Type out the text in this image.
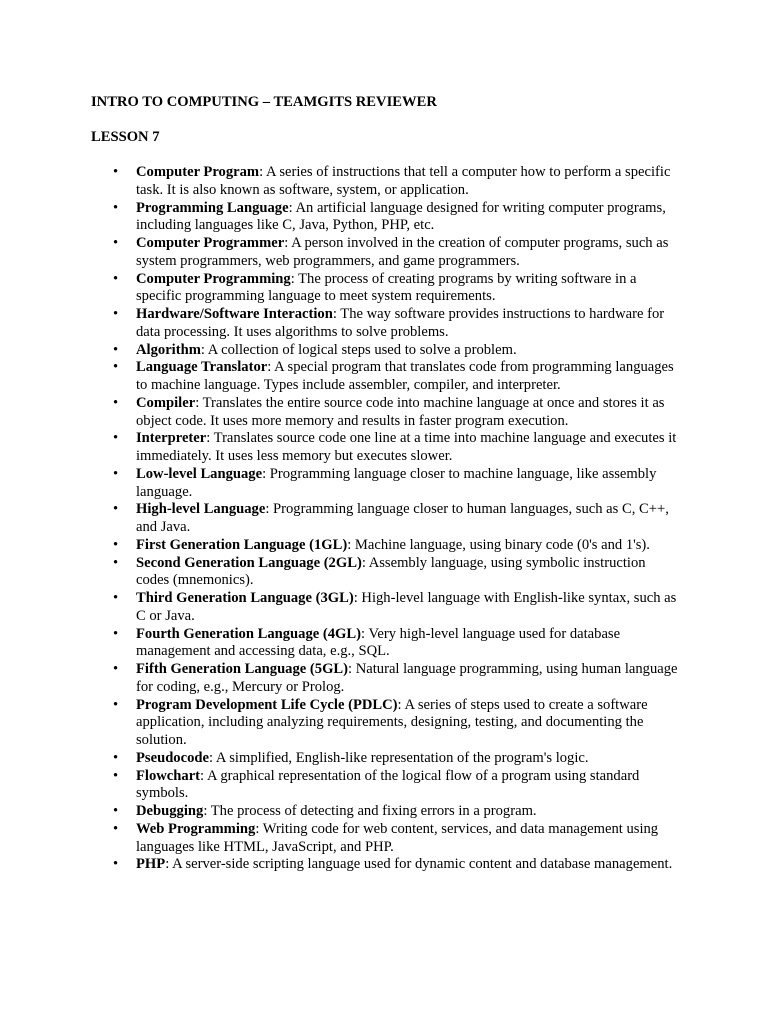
INTRO TO COMPUTING – TEAMGITS REVIEWER

LESSON 7

• Computer Program: A series of instructions that tell a computer how to perform a specific task. It is also known as software, system, or application.
• Programming Language: An artificial language designed for writing computer programs, including languages like C, Java, Python, PHP, etc.
• Computer Programmer: A person involved in the creation of computer programs, such as system programmers, web programmers, and game programmers.
• Computer Programming: The process of creating programs by writing software in a specific programming language to meet system requirements.
• Hardware/Software Interaction: The way software provides instructions to hardware for data processing. It uses algorithms to solve problems.
• Algorithm: A collection of logical steps used to solve a problem.
• Language Translator: A special program that translates code from programming languages to machine language. Types include assembler, compiler, and interpreter.
• Compiler: Translates the entire source code into machine language at once and stores it as object code. It uses more memory and results in faster program execution.
• Interpreter: Translates source code one line at a time into machine language and executes it immediately. It uses less memory but executes slower.
• Low-level Language: Programming language closer to machine language, like assembly language.
• High-level Language: Programming language closer to human languages, such as C, C++, and Java.
• First Generation Language (1GL): Machine language, using binary code (0's and 1's).
• Second Generation Language (2GL): Assembly language, using symbolic instruction codes (mnemonics).
• Third Generation Language (3GL): High-level language with English-like syntax, such as C or Java.
• Fourth Generation Language (4GL): Very high-level language used for database management and accessing data, e.g., SQL.
• Fifth Generation Language (5GL): Natural language programming, using human language for coding, e.g., Mercury or Prolog.
• Program Development Life Cycle (PDLC): A series of steps used to create a software application, including analyzing requirements, designing, testing, and documenting the solution.
• Pseudocode: A simplified, English-like representation of the program's logic.
• Flowchart: A graphical representation of the logical flow of a program using standard symbols.
• Debugging: The process of detecting and fixing errors in a program.
• Web Programming: Writing code for web content, services, and data management using languages like HTML, JavaScript, and PHP.
• PHP: A server-side scripting language used for dynamic content and database management.
